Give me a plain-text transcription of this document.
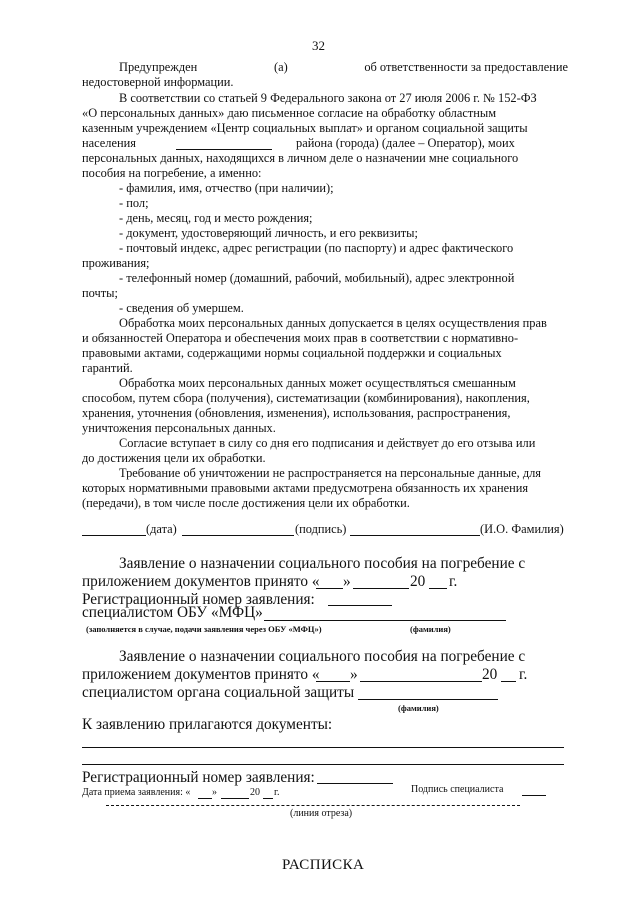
32
Предупрежден	(а)	об ответственности за предоставление
недостоверной информации.
В соответствии со статьей 9 Федерального закона от 27 июля 2006 г. № 152-ФЗ
«О персональных данных» даю письменное согласие на обработку областным
казенным учреждением «Центр социальных выплат» и органом социальной защиты
населения	района (города) (далее – Оператор), моих
персональных данных, находящихся в личном деле о назначении мне социального
пособия на погребение, а именно:
- фамилия, имя, отчество (при наличии);
- пол;
- день, месяц, год и место рождения;
- документ, удостоверяющий личность, и его реквизиты;
- почтовый индекс, адрес регистрации (по паспорту) и адрес фактического
проживания;
- телефонный номер (домашний, рабочий, мобильный), адрес электронной
почты;
- сведения об умершем.
Обработка моих персональных данных допускается в целях осуществления прав
и обязанностей Оператора и обеспечения моих прав в соответствии с нормативно-
правовыми актами, содержащими нормы социальной поддержки и социальных
гарантий.
Обработка моих персональных данных может осуществляться смешанным
способом, путем сбора (получения), систематизации (комбинирования), накопления,
хранения, уточнения (обновления, изменения), использования, распространения,
уничтожения персональных данных.
Согласие вступает в силу со дня его подписания и действует до его отзыва или
до достижения цели их обработки.
Требование об уничтожении не распространяется на персональные данные, для
которых нормативными правовыми актами предусмотрена обязанность их хранения
(передачи), в том числе после достижения цели их обработки.
(дата)	(подпись)	(И.О. Фамилия)
Заявление о назначении социального пособия на погребение с
приложением документов принято « »	20 г.
Регистрационный номер заявления:
специалистом ОБУ «МФЦ»
(заполняется в случае, подачи заявления через ОБУ «МФЦ»)	(фамилия)
Заявление о назначении социального пособия на погребение с
приложением документов принято « »	20 г.
специалистом органа социальной защиты
(фамилия)
К заявлению прилагаются документы:
Регистрационный номер заявления:
Дата приема заявления: « »	20 г.	Подпись специалиста
(линия отреза)
РАСПИСКА
